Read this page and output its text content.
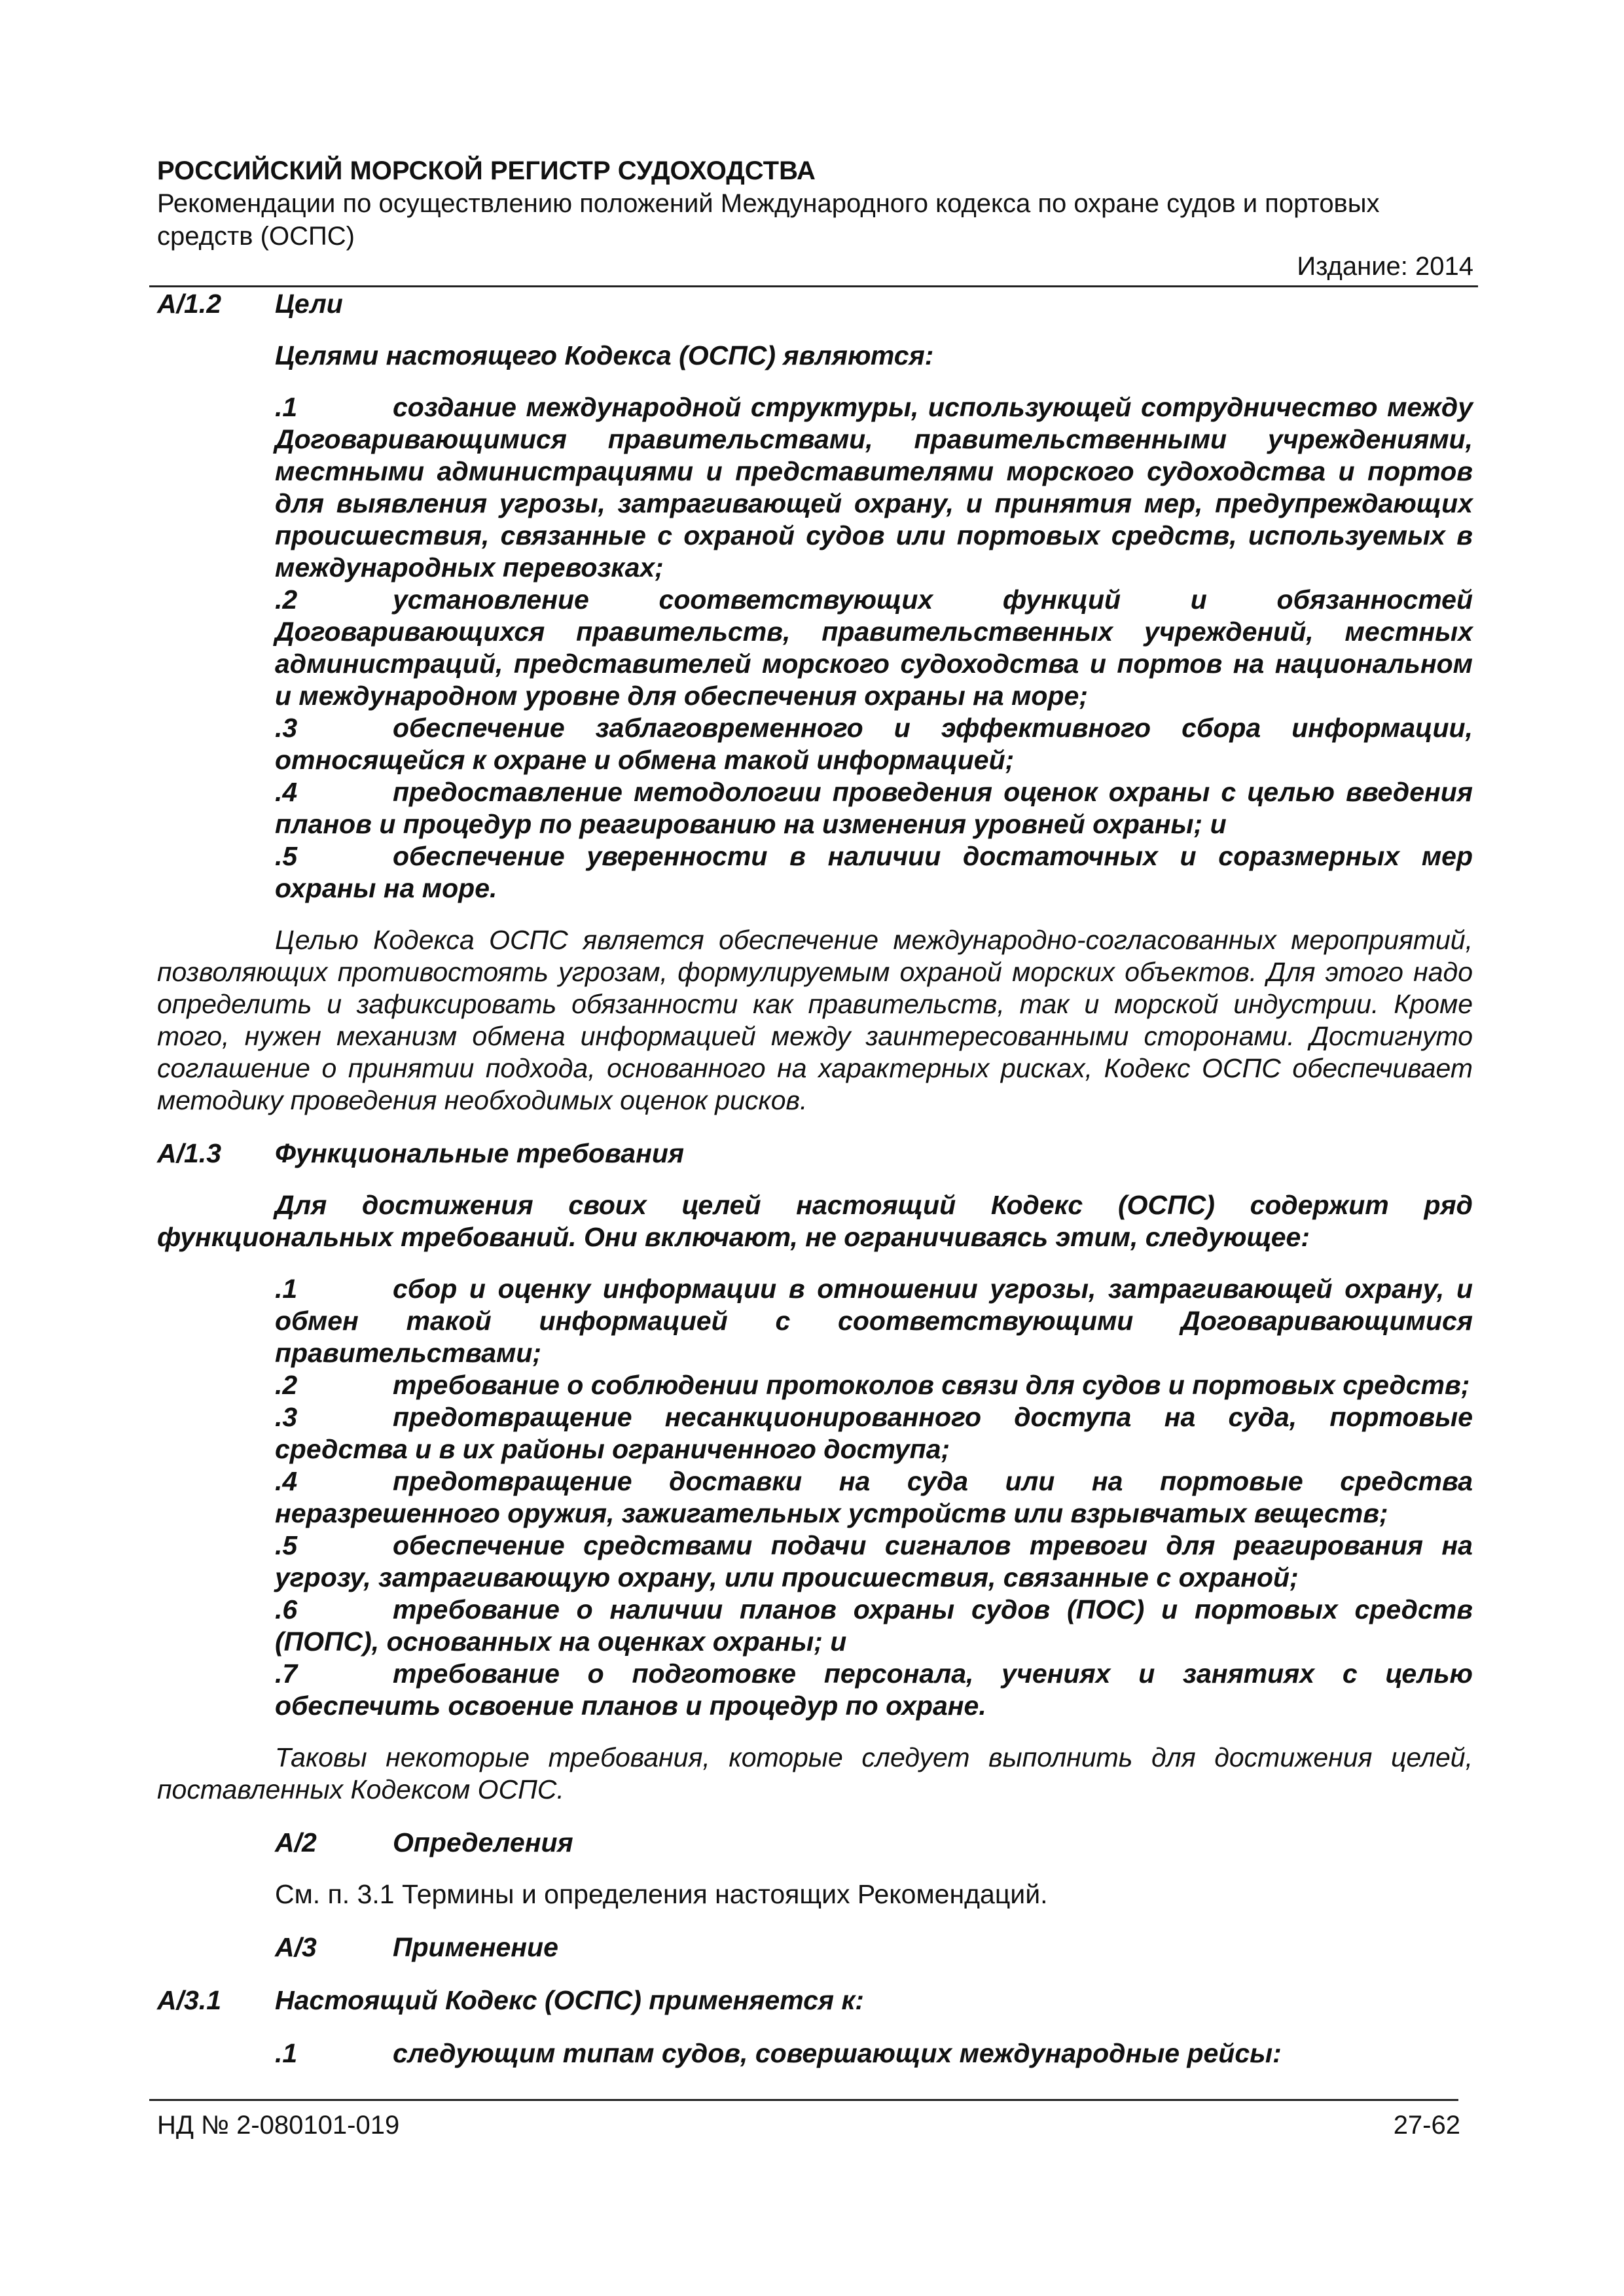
РОССИЙСКИЙ МОРСКОЙ РЕГИСТР СУДОХОДСТВА
Рекомендации по осуществлению положений Международного кодекса по охране судов и портовых средств (ОСПС)
Издание: 2014
А/1.2	Цели

Целями настоящего Кодекса (ОСПС) являются:

.1	создание международной структуры, использующей сотрудничество между Договаривающимися правительствами, правительственными учреждениями, местными администрациями и представителями морского судоходства и портов для выявления угрозы, затрагивающей охрану, и принятия мер, предупреждающих происшествия, связанные с охраной судов или портовых средств, используемых в международных перевозках;

.2	установление соответствующих функций и обязанностей Договаривающихся правительств, правительственных учреждений, местных администраций, представителей морского судоходства и портов на национальном и международном уровне для обеспечения охраны на море;

.3	обеспечение заблаговременного и эффективного сбора информации, относящейся к охране и обмена такой информацией;

.4	предоставление методологии проведения оценок охраны с целью введения планов и процедур по реагированию на изменения уровней охраны; и

.5	обеспечение уверенности в наличии достаточных и соразмерных мер охраны на море.

Целью Кодекса ОСПС является обеспечение международно-согласованных мероприятий, позволяющих противостоять угрозам, формулируемым охраной морских объектов. Для этого надо определить и зафиксировать обязанности как правительств, так и морской индустрии. Кроме того, нужен механизм обмена информацией между заинтересованными сторонами. Достигнуто соглашение о принятии подхода, основанного на характерных рисках, Кодекс ОСПС обеспечивает методику проведения необходимых оценок рисков.

А/1.3	Функциональные требования

Для достижения своих целей настоящий Кодекс (ОСПС) содержит ряд функциональных требований. Они включают, не ограничиваясь этим, следующее:

.1	сбор и оценку информации в отношении угрозы, затрагивающей охрану, и обмен такой информацией с соответствующими Договаривающимися правительствами;

.2	требование о соблюдении протоколов связи для судов и портовых средств;

.3	предотвращение несанкционированного доступа на суда, портовые средства и в их районы ограниченного доступа;

.4	предотвращение доставки на суда или на портовые средства неразрешенного оружия, зажигательных устройств или взрывчатых веществ;

.5	обеспечение средствами подачи сигналов тревоги для реагирования на угрозу, затрагивающую охрану, или происшествия, связанные с охраной;

.6	требование о наличии планов охраны судов (ПОС) и портовых средств (ПОПС), основанных на оценках охраны; и

.7	требование о подготовке персонала, учениях и занятиях с целью обеспечить освоение планов и процедур по охране.

Таковы некоторые требования, которые следует выполнить для достижения целей, поставленных Кодексом ОСПС.

А/2	Определения

См. п. 3.1 Термины и определения настоящих Рекомендаций.

А/3	Применение
А/3.1	Настоящий Кодекс (ОСПС) применяется к:

.1	следующим типам судов, совершающих международные рейсы:

НД № 2-080101-019	27-62
